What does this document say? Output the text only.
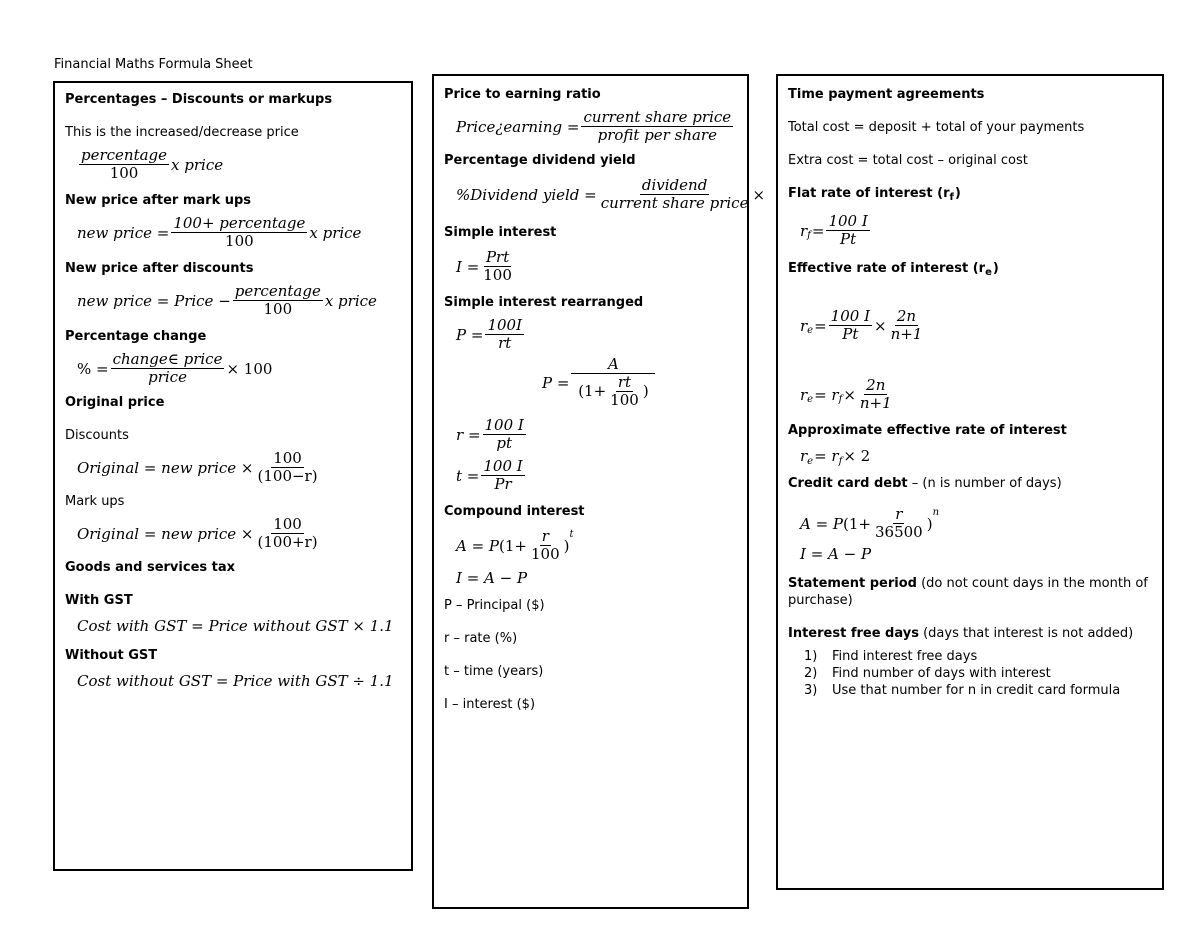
Financial Maths Formula Sheet

Percentages – Discounts or markups

This is the increased/decrease price

$\frac{\text{percentage}}{100}$ x price

New price after mark ups

new price = $\frac{\text{100+ percentage}}{100}$ x price

New price after discounts

new price = Price − $\frac{\text{percentage}}{100}$ x price

Percentage change

% = $\frac{\text{change∈ price}}{\text{price}} \times 100$

Original price

Discounts

Original = new price × $\frac{100}{(100-r)}$

Mark ups

Original = new price × $\frac{100}{(100+r)}$

Goods and services tax

With GST

Cost with GST = Price without GST × 1.1

Without GST

Cost without GST = Price with GST ÷ 1.1

Price to earning ratio

Price¿earning = $\frac{\text{current share price}}{\text{profit per share}}$

Percentage dividend yield

%Dividend yield = $\frac{\text{dividend}}{\text{current share price}}$ ×

Simple interest

$I = \frac{\text{Prt}}{100}$

Simple interest rearranged

$P = \frac{100I}{rt}$
$P = \frac{A}{(1+ \frac{rt}{100} )}$
$r = \frac{100 I}{pt}$
$t = \frac{100 I}{Pr}$

Compound interest

A = P ($1+ \frac{r}{100}$ )
t
I = A − P

P – Principal ($)

r – rate (%)

t – time (years)

I – interest ($)

Time payment agreements

Total cost = deposit + total of your payments

Extra cost = total cost – original cost

Flat rate of interest $(r_f)$

r $f = \frac{100 I}{Pt}$

Effective rate of interest $(r_e)$

r $e = \frac{100 I}{Pt} \times \frac{2n}{n+1}$
r e = r $f \times \frac{2n}{n+1}$

Approximate effective rate of interest

r e = r f × 2

Credit card debt – (n is number of days)

A = P ($1+ \frac{r}{36500}$ )
n
I = A − P

Statement period (do not count days in the month of purchase)

Interest free days (days that interest is not added)

1) Find interest free days
2) Find number of days with interest
3) Use that number for n in credit card formula
